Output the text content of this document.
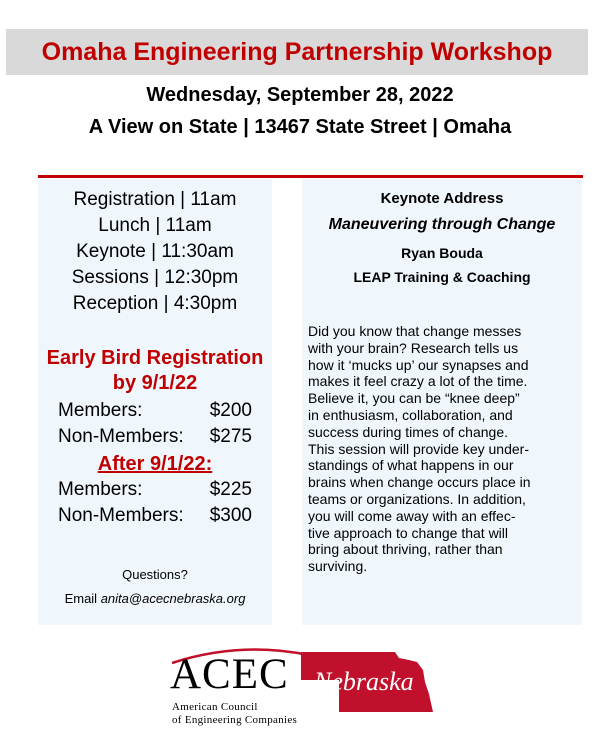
Omaha Engineering Partnership Workshop
Wednesday, September 28, 2022
A View on State | 13467 State Street | Omaha
Registration | 11am
Lunch | 11am
Keynote | 11:30am
Sessions | 12:30pm
Reception | 4:30pm
Early Bird Registration
by 9/1/22
Members:	$200
Non-Members: $275
After 9/1/22:
Members:	$225
Non-Members: $300
Questions?
Email anita@acecnebraska.org
Keynote Address
Maneuvering through Change
Ryan Bouda
LEAP Training & Coaching
Did you know that change messes
with your brain? Research tells us
how it ‘mucks up’ our synapses and
makes it feel crazy a lot of the time.
Believe it, you can be “knee deep”
in enthusiasm, collaboration, and
success during times of change.
This session will provide key under-
standings of what happens in our
brains when change occurs place in
teams or organizations. In addition,
you will come away with an effec-
tive approach to change that will
bring about thriving, rather than
surviving.
ACEC
American Council
of Engineering Companies
Nebraska
